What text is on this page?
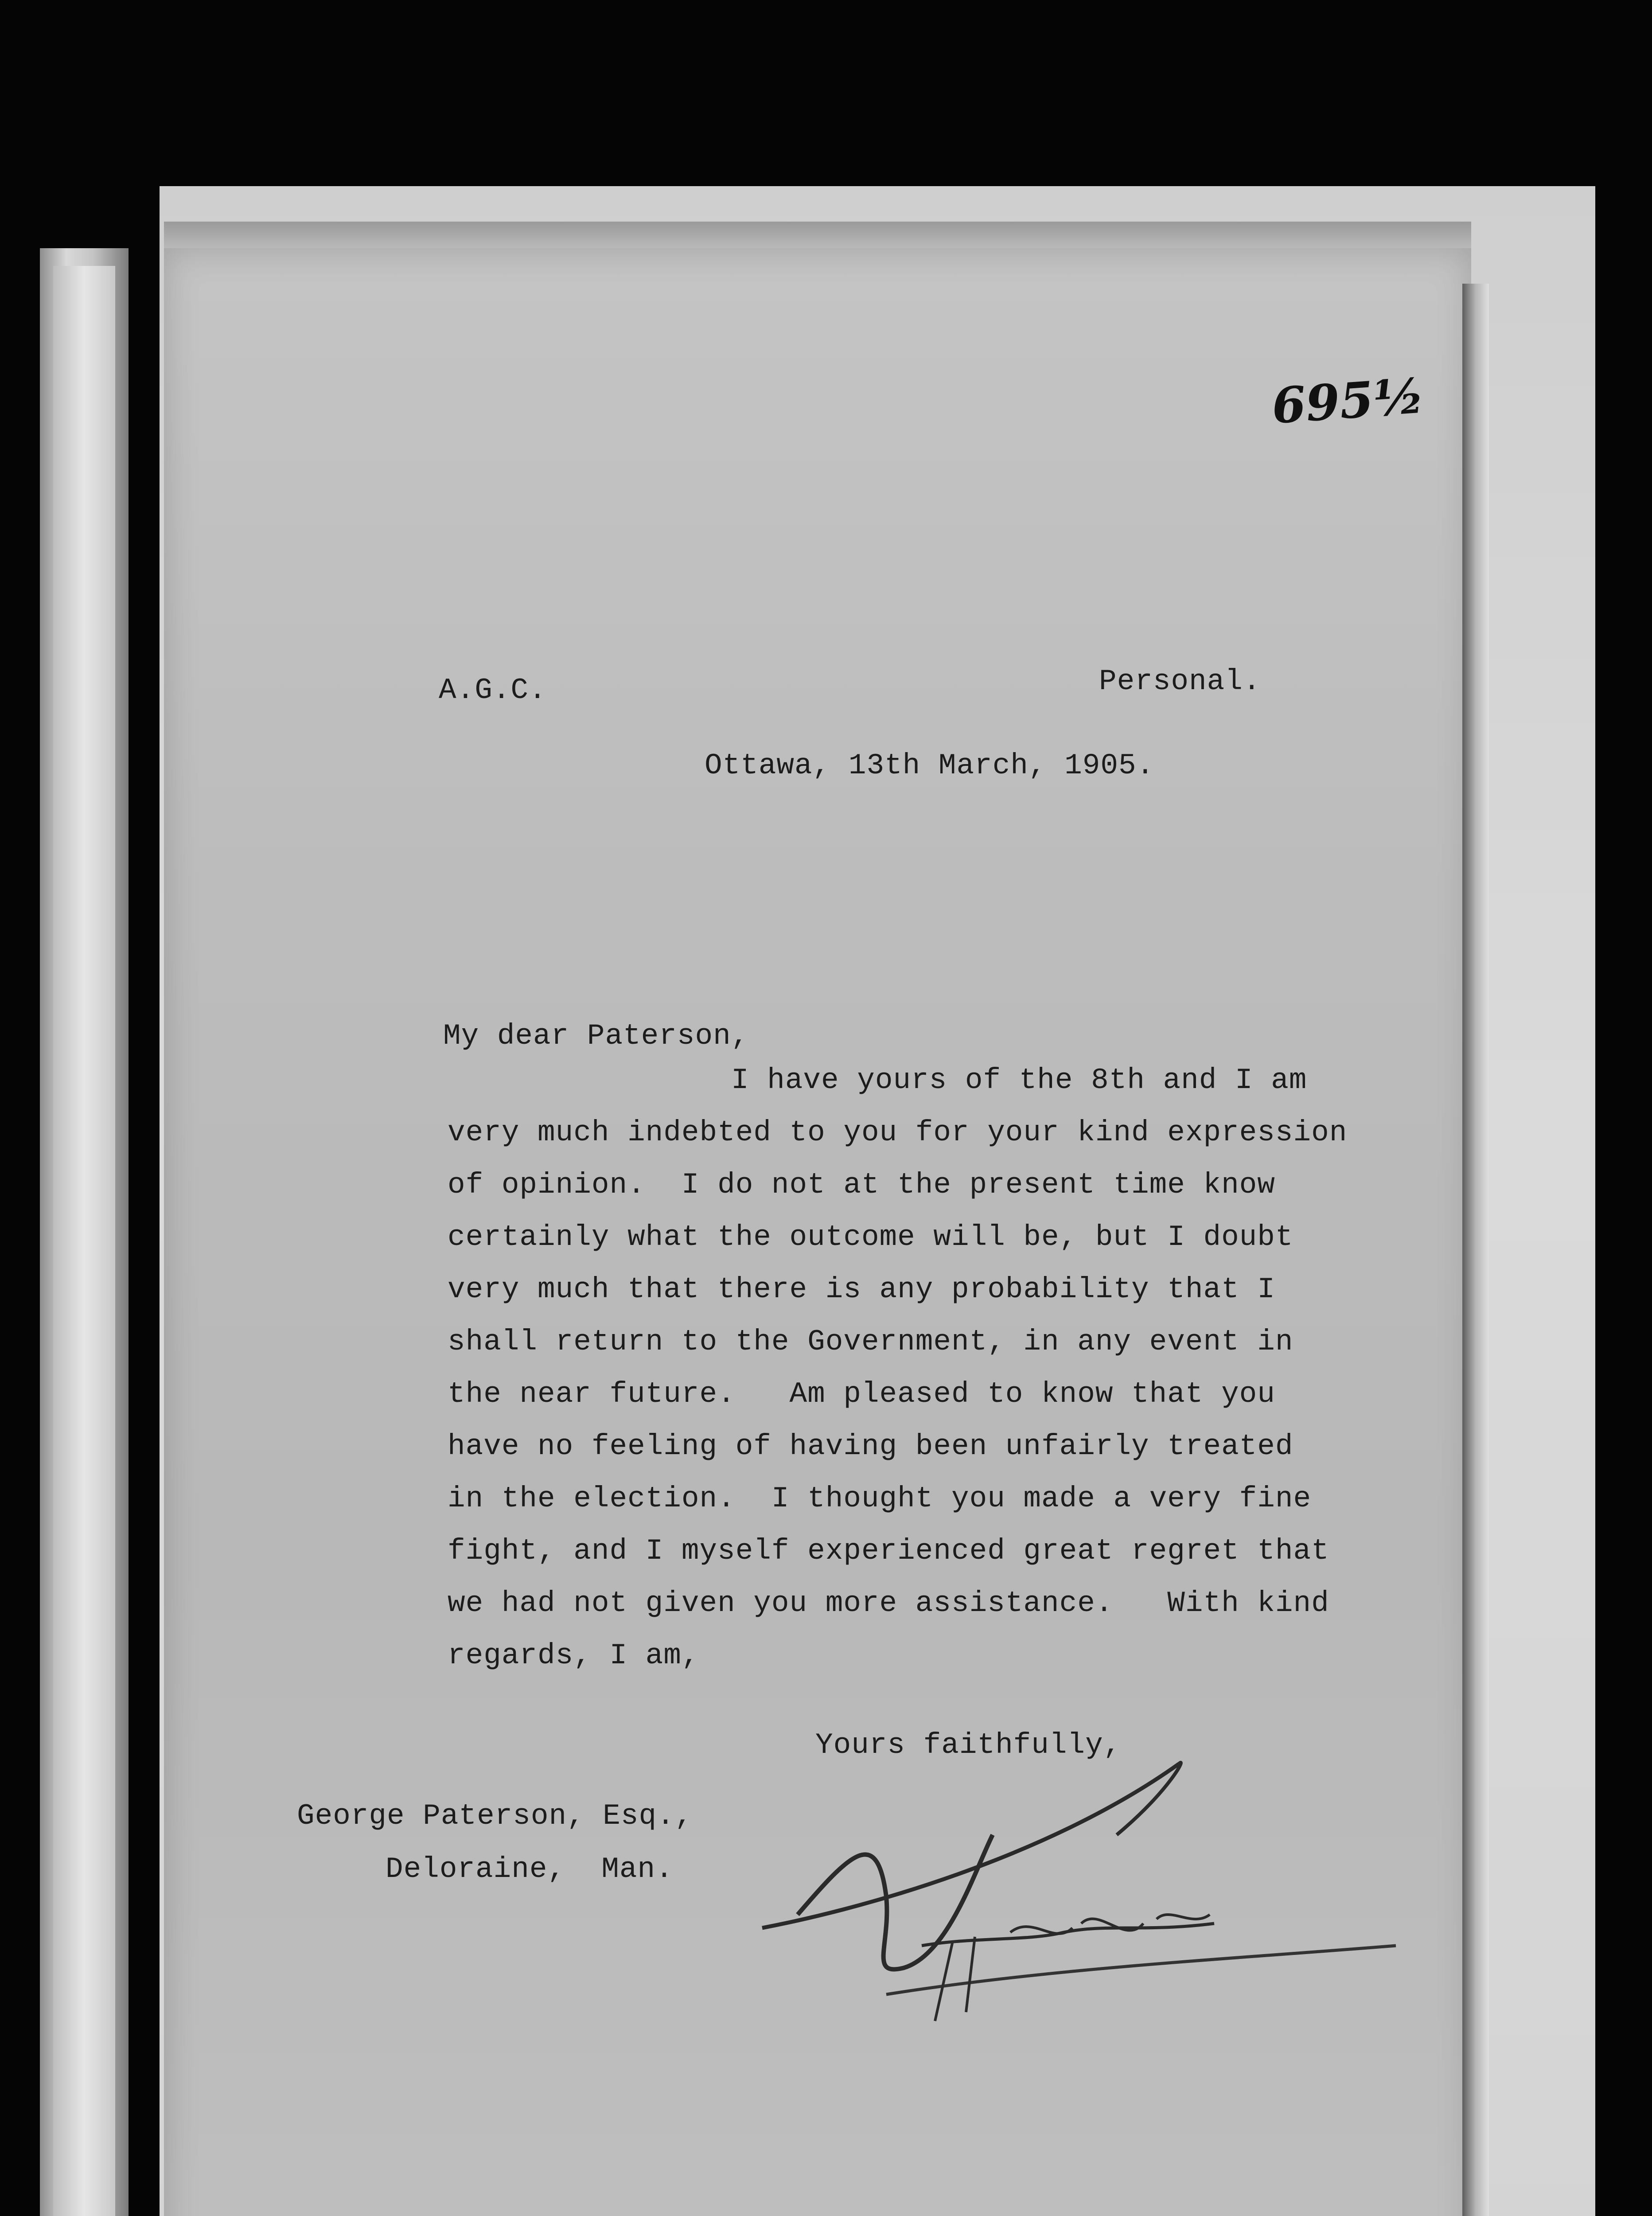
695½
A.G.C.	Personal.
Ottawa, 13th March, 1905.
My dear Paterson,
I have yours of the 8th and I am
very much indebted to you for your kind expression
of opinion.  I do not at the present time know
certainly what the outcome will be, but I doubt
very much that there is any probability that I
shall return to the Government, in any event in
the near future.   Am pleased to know that you
have no feeling of having been unfairly treated
in the election.  I thought you made a very fine
fight, and I myself experienced great regret that
we had not given you more assistance.   With kind
regards, I am,
Yours faithfully,
George Paterson, Esq.,
Deloraine,  Man.
